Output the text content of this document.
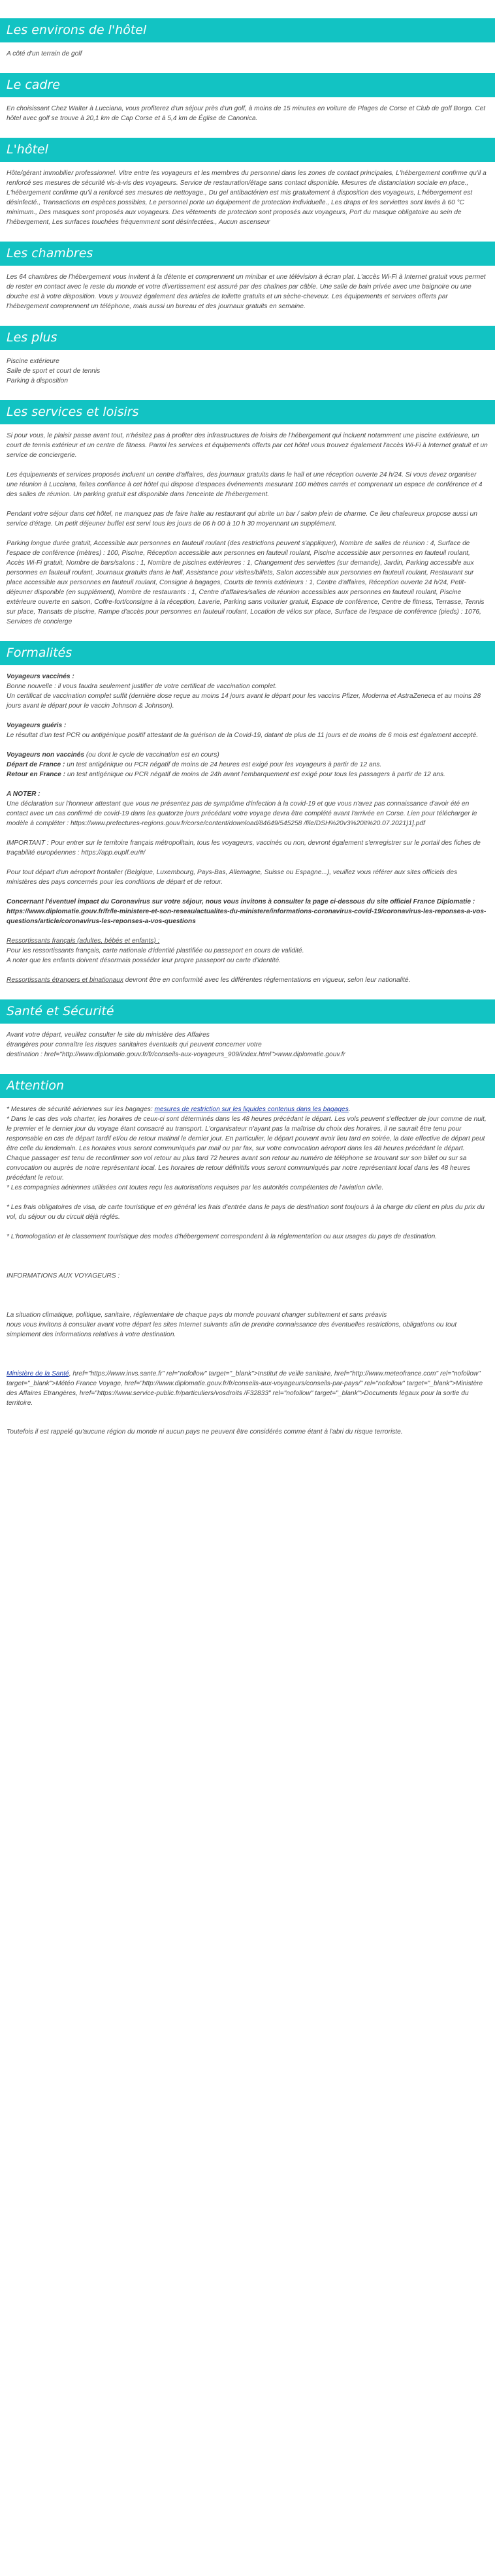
Les environs de l'hôtel

A côté d'un terrain de golf

Le cadre

En choisissant Chez Walter à Lucciana, vous profiterez d'un séjour près d'un golf, à moins de 15 minutes en voiture de Plages de Corse et Club de golf Borgo. Cet hôtel avec golf se trouve à 20,1 km de Cap Corse et à 5,4 km de Église de Canonica.

L'hôtel

Hôte/gérant immobilier professionnel. Vitre entre les voyageurs et les membres du personnel dans les zones de contact principales, L'hébergement confirme qu'il a renforcé ses mesures de sécurité vis-à-vis des voyageurs. Service de restauration/étage sans contact disponible. Mesures de distanciation sociale en place., L'hébergement confirme qu'il a renforcé ses mesures de nettoyage., Du gel antibactérien est mis gratuitement à disposition des voyageurs, L'hébergement est désinfecté., Transactions en espèces possibles, Le personnel porte un équipement de protection individuelle., Les draps et les serviettes sont lavés à 60 °C minimum., Des masques sont proposés aux voyageurs. Des vêtements de protection sont proposés aux voyageurs, Port du masque obligatoire au sein de l'hébergement, Les surfaces touchées fréquemment sont désinfectées., Aucun ascenseur

Les chambres

Les 64 chambres de l'hébergement vous invitent à la détente et comprennent un minibar et une télévision à écran plat. L'accès Wi-Fi à Internet gratuit vous permet de rester en contact avec le reste du monde et votre divertissement est assuré par des chaînes par câble. Une salle de bain privée avec une baignoire ou une douche est à votre disposition. Vous y trouvez également des articles de toilette gratuits et un sèche-cheveux. Les équipements et services offerts par l'hébergement comprennent un téléphone, mais aussi un bureau et des journaux gratuits en semaine.

Les plus

Piscine extérieure

Salle de sport et court de tennis

Parking à disposition

Les services et loisirs

Si pour vous, le plaisir passe avant tout, n'hésitez pas à profiter des infrastructures de loisirs de l'hébergement qui incluent notamment une piscine extérieure, un court de tennis extérieur et un centre de fitness. Parmi les services et équipements offerts par cet hôtel vous trouvez également l'accès Wi-Fi à Internet gratuit et un service de conciergerie.

Les équipements et services proposés incluent un centre d'affaires, des journaux gratuits dans le hall et une réception ouverte 24 h/24. Si vous devez organiser une réunion à Lucciana, faites confiance à cet hôtel qui dispose d'espaces événements mesurant 100 mètres carrés et comprenant un espace de conférence et 4 des salles de réunion. Un parking gratuit est disponible dans l'enceinte de l'hébergement.

Pendant votre séjour dans cet hôtel, ne manquez pas de faire halte au restaurant qui abrite un bar / salon plein de charme. Ce lieu chaleureux propose aussi un service d'étage. Un petit déjeuner buffet est servi tous les jours de 06 h 00 à 10 h 30 moyennant un supplément.

Parking longue durée gratuit, Accessible aux personnes en fauteuil roulant (des restrictions peuvent s'appliquer), Nombre de salles de réunion : 4, Surface de l'espace de conférence (mètres) : 100, Piscine, Réception accessible aux personnes en fauteuil roulant, Piscine accessible aux personnes en fauteuil roulant, Accès Wi-Fi gratuit, Nombre de bars/salons : 1, Nombre de piscines extérieures : 1, Changement des serviettes (sur demande), Jardin, Parking accessible aux personnes en fauteuil roulant, Journaux gratuits dans le hall, Assistance pour visites/billets, Salon accessible aux personnes en fauteuil roulant, Restaurant sur place accessible aux personnes en fauteuil roulant, Consigne à bagages, Courts de tennis extérieurs : 1, Centre d'affaires, Réception ouverte 24 h/24, Petit-déjeuner disponible (en supplément), Nombre de restaurants : 1, Centre d'affaires/salles de réunion accessibles aux personnes en fauteuil roulant, Piscine extérieure ouverte en saison, Coffre-fort/consigne à la réception, Laverie, Parking sans voiturier gratuit, Espace de conférence, Centre de fitness, Terrasse, Tennis sur place, Transats de piscine, Rampe d'accès pour personnes en fauteuil roulant, Location de vélos sur place, Surface de l'espace de conférence (pieds) : 1076, Services de concierge

Formalités

Voyageurs vaccinés :

Bonne nouvelle : il vous faudra seulement justifier de votre certificat de vaccination complet.

Un certificat de vaccination complet suffit (dernière dose reçue au moins 14 jours avant le départ pour les vaccins Pfizer, Moderna et AstraZeneca et au moins 28 jours avant le départ pour le vaccin Johnson & Johnson).

Voyageurs guéris :

Le résultat d'un test PCR ou antigénique positif attestant de la guérison de la Covid-19, datant de plus de 11 jours et de moins de 6 mois est également accepté.

Voyageurs non vaccinés (ou dont le cycle de vaccination est en cours)

Départ de France : un test antigénique ou PCR négatif de moins de 24 heures est exigé pour les voyageurs à partir de 12 ans.

Retour en France : un test antigénique ou PCR négatif de moins de 24h avant l'embarquement est exigé pour tous les passagers à partir de 12 ans.

A NOTER :

Une déclaration sur l'honneur attestant que vous ne présentez pas de symptôme d'infection à la covid-19 et que vous n'avez pas connaissance d'avoir été en contact avec un cas confirmé de covid-19 dans les quatorze jours précédant votre voyage devra être complété avant l'arrivée en Corse. Lien pour télécharger le modèle à compléter : https://www.prefectures-regions.gouv.fr/corse/content/download/84649/545258 /file/DSH%20v3%20it%20.07.2021)1].pdf

IMPORTANT : Pour entrer sur le territoire français métropolitain, tous les voyageurs, vaccinés ou non, devront également s'enregistrer sur le portail des fiches de traçabilité européennes : https://app.euplf.eu/#/

Pour tout départ d'un aéroport frontalier (Belgique, Luxembourg, Pays-Bas, Allemagne, Suisse ou Espagne...), veuillez vous référer aux sites officiels des ministères des pays concernés pour les conditions de départ et de retour.

Concernant l'éventuel impact du Coronavirus sur votre séjour, nous vous invitons à consulter la page ci-dessous du site officiel France Diplomatie : https://www.diplomatie.gouv.fr/fr/le-ministere-et-son-reseau/actualites-du-ministere/informations-coronavirus-covid-19/coronavirus-les-reponses-a-vos-questions/article/coronavirus-les-reponses-a-vos-questions

Ressortissants français (adultes, bébés et enfants) :

Pour les ressortissants français, carte nationale d'identité plastifiée ou passeport en cours de validité.

A noter que les enfants doivent désormais posséder leur propre passeport ou carte d'identité.

Ressortissants étrangers et binationaux devront être en conformité avec les différentes réglementations en vigueur, selon leur nationalité.

Santé et Sécurité

Avant votre départ, veuillez consulter le site du ministère des Affaires

étrangères pour connaître les risques sanitaires éventuels qui peuvent concerner votre

destination : href="http://www.diplomatie.gouv.fr/fr/conseils-aux-voyageurs_909/index.html">www.diplomatie.gouv.fr

Attention

* Mesures de sécurité aériennes sur les bagages: mesures de restriction sur les liquides contenus dans les bagages.

* Dans le cas des vols charter, les horaires de ceux-ci sont déterminés dans les 48 heures précédant le départ. Les vols peuvent s'effectuer de jour comme de nuit, le premier et le dernier jour du voyage étant consacré au transport. L'organisateur n'ayant pas la maîtrise du choix des horaires, il ne saurait être tenu pour responsable en cas de départ tardif et/ou de retour matinal le dernier jour. En particulier, le départ pouvant avoir lieu tard en soirée, la date effective de départ peut être celle du lendemain. Les horaires vous seront communiqués par mail ou par fax, sur votre convocation aéroport dans les 48 heures précédant le départ. Chaque passager est tenu de reconfirmer son vol retour au plus tard 72 heures avant son retour au numéro de téléphone se trouvant sur son billet ou sur sa convocation ou auprès de notre représentant local. Les horaires de retour définitifs vous seront communiqués par notre représentant local dans les 48 heures précédant le retour.

* Les compagnies aériennes utilisées ont toutes reçu les autorisations requises par les autorités compétentes de l'aviation civile.

* Les frais obligatoires de visa, de carte touristique et en général les frais d'entrée dans le pays de destination sont toujours à la charge du client en plus du prix du vol, du séjour ou du circuit déjà réglés.

* L'homologation et le classement touristique des modes d'hébergement correspondent à la réglementation ou aux usages du pays de destination.

INFORMATIONS AUX VOYAGEURS :

La situation climatique, politique, sanitaire, réglementaire de chaque pays du monde pouvant changer subitement et sans préavis

nous vous invitons à consulter avant votre départ les sites Internet suivants afin de prendre connaissance des éventuelles restrictions, obligations ou tout simplement des informations relatives à votre destination.

Ministère de la Santé, href="https://www.invs.sante.fr" rel="nofollow" target="_blank">Institut de veille sanitaire, href="http://www.meteofrance.com" rel="nofollow" target="_blank">Météo France Voyage, href="http://www.diplomatie.gouv.fr/fr/conseils-aux-voyageurs/conseils-par-pays/" rel="nofollow" target="_blank">Ministère des Affaires Etrangères, href="https://www.service-public.fr/particuliers/vosdroits /F32833" rel="nofollow" target="_blank">Documents légaux pour la sortie du territoire.

Toutefois il est rappelé qu'aucune région du monde ni aucun pays ne peuvent être considérés comme étant à l'abri du risque terroriste.
